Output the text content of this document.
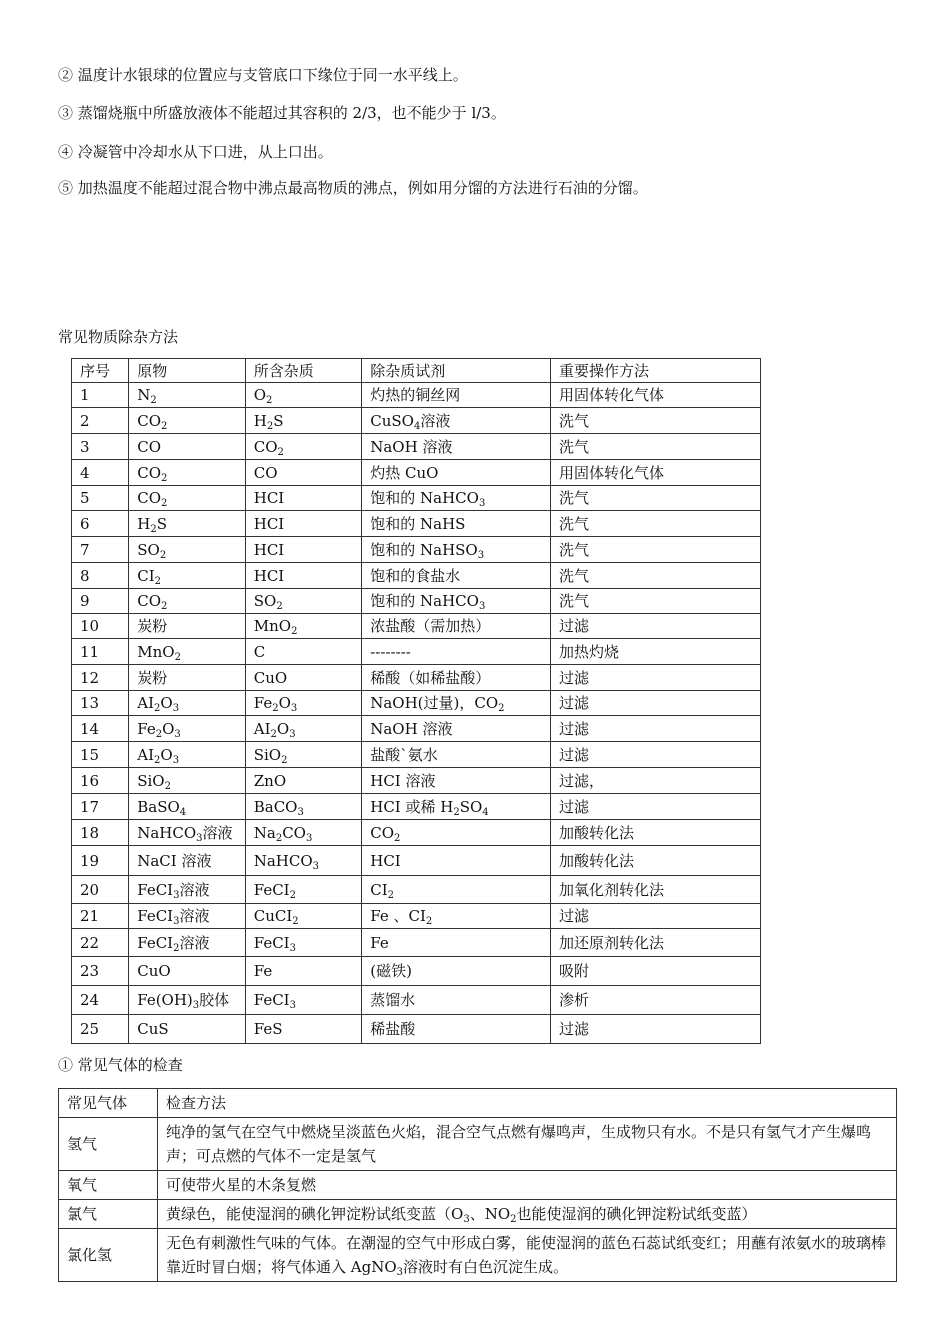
② 温度计水银球的位置应与支管底口下缘位于同一水平线上。
③ 蒸馏烧瓶中所盛放液体不能超过其容积的 2/3，也不能少于 l/3。
④ 冷凝管中冷却水从下口进，从上口出。
⑤ 加热温度不能超过混合物中沸点最高物质的沸点，例如用分馏的方法进行石油的分馏。
常见物质除杂方法
序号	原物	所含杂质	除杂质试剂	重要操作方法
1	$N_2$	$O_2$	灼热的铜丝网	用固体转化气体
2	$CO_2$	$H_2S$	CuSO$_4$溶液	洗气
3	CO	$CO_2$	NaOH 溶液	洗气
4	$CO_2$	CO	灼热 CuO	用固体转化气体
5	$CO_2$	HCI	饱和的 NaHCO$_3$	洗气
6	$H_2S$	HCI	饱和的 NaHS	洗气
7	$SO_2$	HCI	饱和的 NaHSO$_3$	洗气
8	$CI_2$	HCI	饱和的食盐水	洗气
9	$CO_2$	$SO_2$	饱和的 NaHCO$_3$	洗气
10	炭粉	MnO$_2$	浓盐酸（需加热）	过滤
11	MnO$_2$	C	--------	加热灼烧
12	炭粉	CuO	稀酸（如稀盐酸）	过滤
13	$AI_2O_3$	$Fe_2O_3$	NaOH(过量)，$CO_2$	过滤
14	$Fe_2O_3$	$AI_2O_3$	NaOH 溶液	过滤
15	$AI_2O_3$	SiO$_2$	盐酸`氨水	过滤
16	SiO$_2$	ZnO	HCI 溶液	过滤，
17	BaSO$_4$	BaCO$_3$	HCI 或稀 $H_2SO_4$	过滤
18	NaHCO$_3$溶液	$Na_2CO_3$	$CO_2$	加酸转化法
19	NaCI 溶液	NaHCO$_3$	HCI	加酸转化法
20	FeCI$_3$溶液	FeCI$_2$	$CI_2$	加氧化剂转化法
21	FeCI$_3$溶液	CuCI$_2$	Fe 、$CI_2$	过滤
22	FeCI$_2$溶液	FeCI$_3$	Fe	加还原剂转化法
23	CuO	Fe	(磁铁)	吸附
24	$Fe(OH)_3$胶体	FeCI$_3$	蒸馏水	渗析
25	CuS	FeS	稀盐酸	过滤
① 常见气体的检查
常见气体	检查方法
氢气	纯净的氢气在空气中燃烧呈淡蓝色火焰，混合空气点燃有爆鸣声，生成物只有水。不是只有氢气才产生爆鸣声；可点燃的气体不一定是氢气
氧气	可使带火星的木条复燃
氯气	黄绿色，能使湿润的碘化钾淀粉试纸变蓝（$O_3$、$NO_2$也能使湿润的碘化钾淀粉试纸变蓝）
氯化氢	无色有刺激性气味的气体。在潮湿的空气中形成白雾，能使湿润的蓝色石蕊试纸变红；用蘸有浓氨水的玻璃棒靠近时冒白烟；将气体通入 AgNO$_3$溶液时有白色沉淀生成。
